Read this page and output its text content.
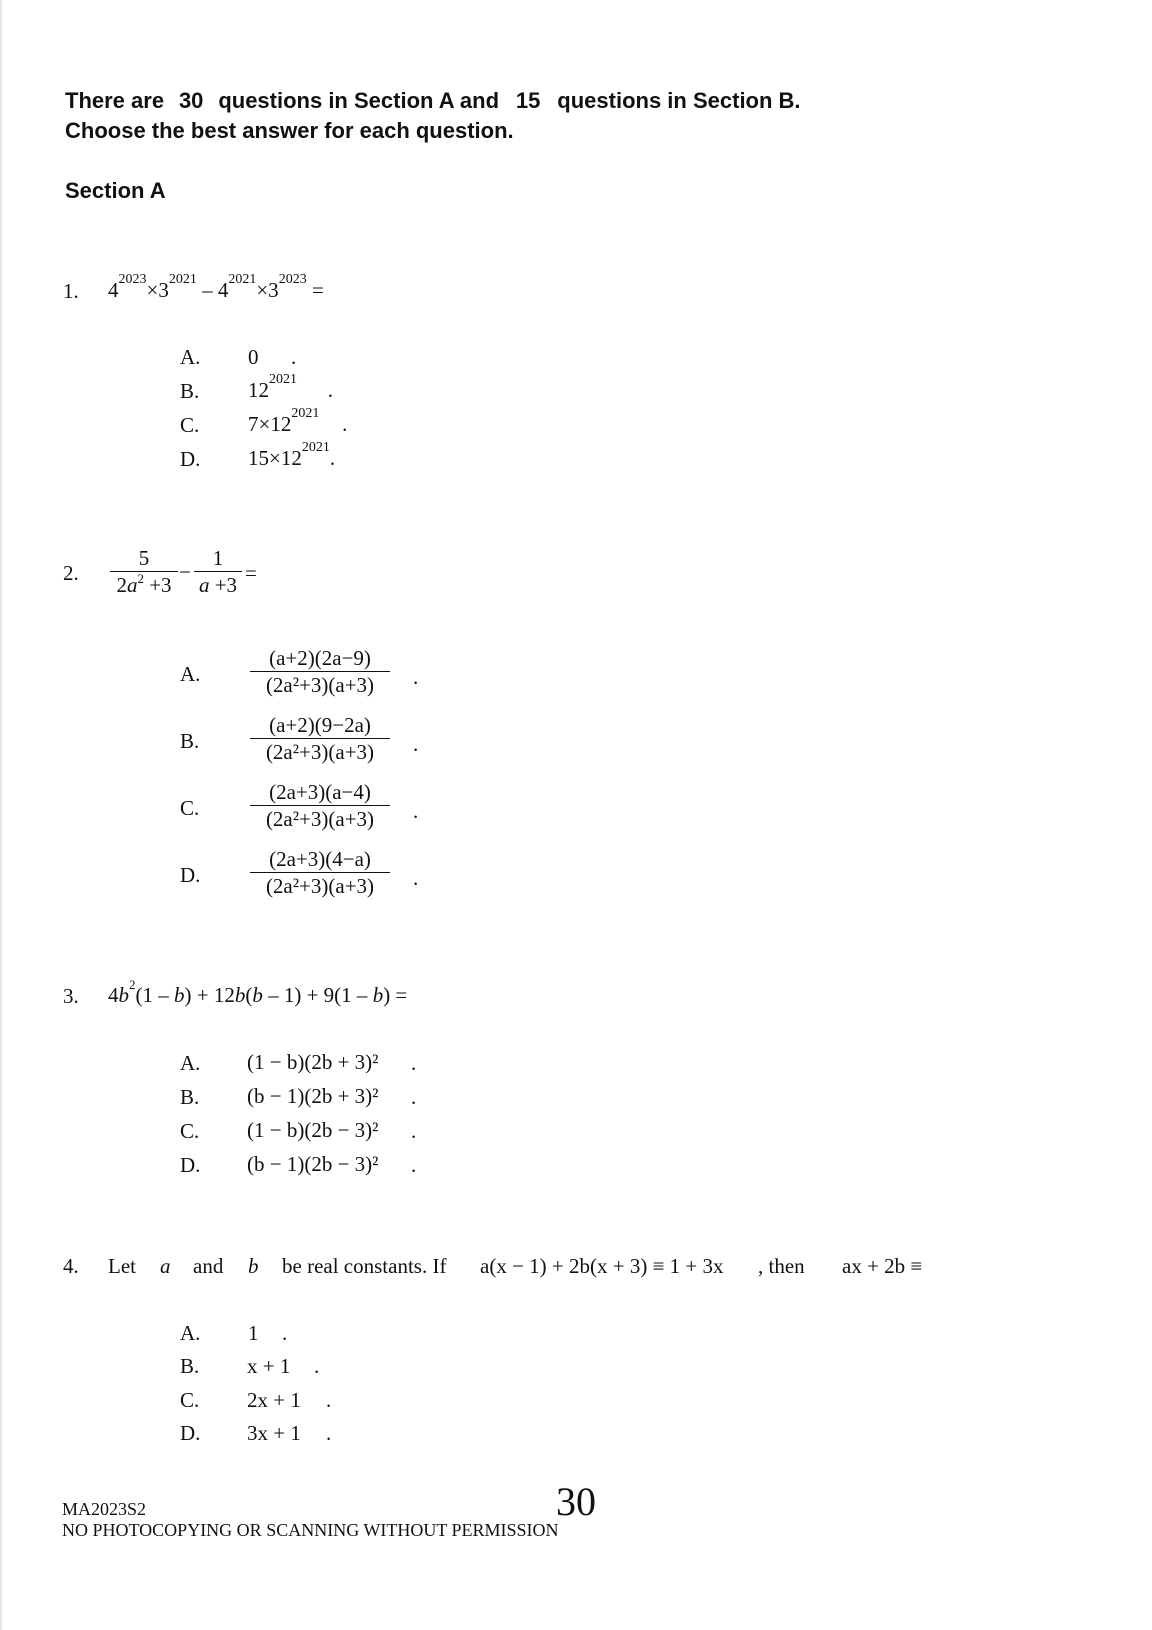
There are 30 questions in Section A and 15 questions in Section B.
Choose the best answer for each question.
Section A
1. $4^{2023}\times 3^{2021} - 4^{2021}\times 3^{2023}$ =
A. 0 .
B. $12^{2021}$ .
C. $7\times 12^{2021}$ .
D. $15\times 12^{2021}$.
2.
5
$2a^2 +3$
−
1
a +3 =
A.
(a+2)(2a−9)
(2a²+3)(a+3)	.
B.
(a+2)(9−2a)
(2a²+3)(a+3)	.
C.
(2a+3)(a−4)
(2a²+3)(a+3)	.
D.
(2a+3)(4−a)
(2a²+3)(a+3)	.
3. $4b^2(1 - b) + 12b(b - 1) + 9(1 - b)$ =
A. (1 − b)(2b + 3)² .
B. (b − 1)(2b + 3)² .
C. (1 − b)(2b − 3)² .
D. (b − 1)(2b − 3)² .
4. Let a and b be real constants. If a(x − 1) + 2b(x + 3) ≡ 1 + 3x , then ax + 2b ≡
A. 1 .
B. x + 1 .
C. 2x + 1 .
D. 3x + 1 .
MA2023S2
NO PHOTOCOPYING OR SCANNING WITHOUT PERMISSION
30
